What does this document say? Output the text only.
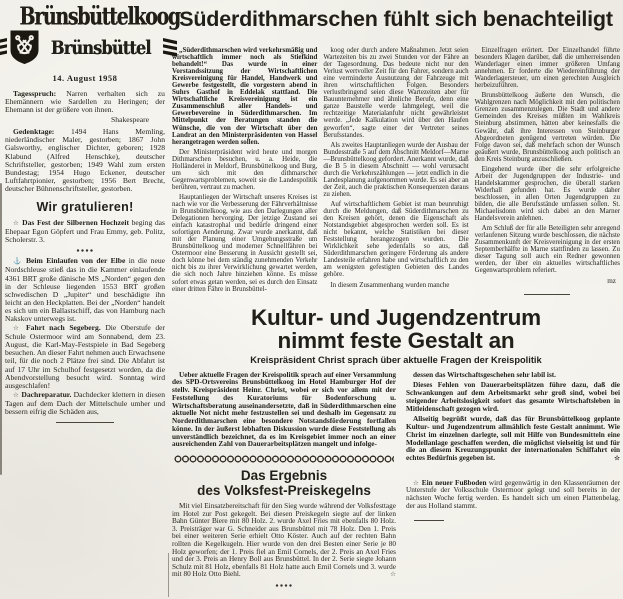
Brünsbüttelkoog
Brünsbüttel
14. August 1958

Tagesspruch: Narren verhalten sich zu Ehemännern wie Sardellen zu Heringen; der Ehemann ist der größere von ihnen.

Shakespeare

Gedenktage: 1494 Hans Memling, niederländischer Maler, gestorben; 1867 John Galsworthy, englischer Dichter, geboren; 1928 Klabund (Alfred Henschke), deutscher Schriftsteller, gestorben; 1949 Wahl zum ersten Bundestag; 1954 Hugo Eckener, deutscher Luftfahrtpionier, gestorben; 1956 Bert Brecht, deutscher Bühnenschriftsteller, gestorben.

Wir gratulieren!

☆ Das Fest der Silbernen Hochzeit beging das Ehepaar Egon Göpfert und Frau Emmy, geb. Politz, Scholerstr. 3.

⚓ Beim Einlaufen von der Elbe in die neue Nordschleuse stieß das in die Kammer einlaufende 4361 BRT große dänische MS „Norden“ gegen den in der Schleuse liegenden 1553 BRT großen schwedischen D „Jupiter“ und beschädigte ihn leicht an den Heckplatten. Bei der „Norden“ handelt es sich um ein Ballastschiff, das von Hamburg nach Nakskov unterwegs ist.

☆ Fahrt nach Segeberg. Die Oberstufe der Schule Ostermoor wird am Sonnabend, dem 23. August, die Karl-May-Festspiele in Bad Segeberg besuchen. An dieser Fahrt nehmen auch Erwachsene teil, für die noch 2 Plätze frei sind. Die Abfahrt ist auf 17 Uhr im Schulhof festgesetzt worden, da die Abendvorstellung besucht wird. Sonntag wird ausgeschlafen!

☆ Dachreparatur. Dachdecker klettern in diesen Tagen auf dem Dach der Mittelschule umher und bessern eifrig die Schäden aus,

Süderdithmarschen fühlt sich benachteiligt

„Süderdithmarschen wird verkehrsmäßig und wirtschaftlich immer noch als Stiefkind behandelt!“ Das wurde in einer Vorstandssitzung der Wirtschaftlichen Kreisvereinigung für Handel, Handwerk und Gewerbe festgestellt, die vorgestern abend in Suhrs Gasthof in Eddelak stattfand. Die Wirtschaftliche Kreisvereinigung ist ein Zusammenschluß aller Handels- und Gewerbevereine in Süderdithmarschen. Im Mittelpunkt der Beratungen standen die Wünsche, die von der Wirtschaft über den Landrat an den Ministerpräsidenten von Hassel herangetragen werden sollen.

Der Ministerpräsident wird heute und morgen Dithmarschen besuchen, u. a. Heide, die Holländerei in Meldorf, Brunsbüttelkoog und Burg, um sich mit den dithmarscher Gegenwartsproblemen, soweit sie die Landespolitik berühren, vertraut zu machen.

Hauptanliegen der Wirtschaft unseres Kreises ist nach wie vor die Verbesserung der Fährverhältnisse in Brunsbüttelkoog, wie aus den Darlegungen aller Delegationen hervorging. Der jetzige Zustand sei einfach katastrophal und bedürfe dringend einer sofortigen Aenderung. Zwar wurde anerkannt, daß mit der Planung einer Umgehungsstraße um Brunsbüttelkoog und moderner Schnellfähren bei Ostermoor eine Besserung in Aussicht gestellt sei, doch könne bei dem ständig zunehmenden Verkehr nicht bis zu ihrer Verwirklichung gewartet werden, die sich noch Jahre hinziehen könne. Es müsse sofort etwas getan werden, sei es durch den Einsatz einer dritten Fähre in Brunsbüttel-

koog oder durch andere Maßnahmen. Jetzt seien Wartezeiten bis zu zwei Stunden vor der Fähre an der Tagesordnung. Das bedeute nicht nur den Verlust wertvoller Zeit für den Fahrer, sondern auch eine verminderte Ausnutzung der Fahrzeuge mit ihren wirtschaftlichen Folgen. Besonders verlustbringend seien diese Wartezeiten aber für Bauunternehmer und ähnliche Berufe, denn eine ganze Baustelle werde lahmgelegt, weil die rechtzeitige Materialanfuhr nicht gewährleistet werde. „Jede Kalkulation wird über den Haufen geworfen“, sagte einer der Vertreter seines Berufsstandes.

Als zweites Hauptanliegen wurde der Ausbau der Bundesstraße 5 auf dem Abschnitt Meldorf—Marne—Brunsbüttelkoog gefordert. Anerkannt wurde, daß die B 5 in diesem Abschnitt — wohl verursacht durch die Verkehrszählungen — jetzt endlich in die Landesplanung aufgenommen wurde. Es sei aber an der Zeit, auch die praktischen Konsequenzen daraus zu ziehen.

Auf wirtschaftlichem Gebiet ist man beunruhigt durch die Meldungen, daß Süderdithmarschen zu den Kreisen gehört, denen die Eigenschaft als Notstandsgebiet abgesprochen werden soll. Es ist nicht bekannt, welche Statistiken bei dieser Feststellung herangezogen wurden. Die Wirklichkeit sehe jedenfalls so aus, daß Süderdithmarschen geringere Förderung als andere Landesteile erfahren habe und wirtschaftlich zu den am wenigsten gefestigten Gebieten des Landes gehöre.

In diesem Zusammenhang wurden manche

Einzelfragen erörtert. Der Einzelhandel führte besonders Klagen darüber, daß die umherreisenden Wanderlager einen immer größeren Umfang annehmen. Er forderte die Wiedereinführung der Wanderlagersteuer, um einen gerechten Ausgleich herbeizuführen.

Brunsbüttelkoog äußerte den Wunsch, die Wahlgrenzen nach Möglichkeit mit den politischen Grenzen zusammenzulegen. Die Stadt und andere Gemeinden des Kreises müßten im Wahlkreis Steinburg abstimmen, hätten aber keinesfalls die Gewähr, daß ihre Interessen von Steinburger Abgeordneten genügend vertreten würden. Die Folge davon sei, daß mehrfach schon der Wunsch geäußert wurde, Brunsbüttelkoog auch politisch an den Kreis Steinburg anzuschließen.

Eingehend wurde über die sehr erfolgreiche Arbeit der Jugendgruppen der Industrie- und Handelskammer gesprochen, die überall starken Widerhall gefunden hat. Es wurde daher beschlossen, in allen Orten Jugendgruppen zu bilden, die alle Berufsstände umfassen sollen. St. Michaelisdonn wird sich dabei an den Marner Handelsverein anlehnen.

Am Schluß der für alle Beteiligten sehr anregend verlaufenen Sitzung wurde beschlossen, die nächste Zusammenkunft der Kreisvereinigung in der ersten Septemberhälfte in Marne stattfinden zu lassen. Zu dieser Tagung soll auch ein Redner gewonnen werden, der über ein aktuelles wirtschaftliches Gegenwartsproblem referiert.

mz
Kultur- und Jugendzentrum
nimmt feste Gestalt an
Kreispräsident Christ sprach über aktuelle Fragen der Kreispolitik

Ueber aktuelle Fragen der Kreispolitik sprach auf einer Versammlung des SPD-Ortsvereins Brunsbüttelkoog im Hotel Hamburger Hof der stellv. Kreispräsident Heinr. Christ, wobei er sich vor allem mit der Feststellung des Kuratoriums für Bodenforschung u. Wirtschaftsberatung auseinandersetzte, daß in Süderdithmarschen eine aktuelle Not nicht mehr festzustellen sei und deshalb im Gegensatz zu Norderdithmarschen eine besondere Notstandsförderung fortfallen könne. In der äußerst lebhaften Diskussion wurde diese Feststellung als unverständlich bezeichnet, da es im Kreisgebiet immer noch an einer ausreichenden Zahl von Dauerarbeitsplätzen mangelt und infolge-

Das Ergebnis
des Volksfest-Preiskegelns

Mit viel Einsatzbereitschaft für den Sieg wurde während der Volksfesttage im Hotel zur Post gekegelt. Bei diesen Preiskegeln siegte auf der linken Bahn Günter Biere mit 80 Holz. 2. wurde Axel Fries mit ebenfalls 80 Holz. 3. Preisträger war G. Schneider aus Brunsbüttel mit 78 Holz. Den 1. Preis bei einer weiteren Serie erhielt Otto Köster. Auch auf der rechten Bahn rollten die Kegelkugeln. Hier wurde von den drei Besten einer Serie je 80 Holz geworfen; der 1. Preis fiel an Emil Cornels, der 2. Preis an Axel Fries und der 3. Preis an Henry Boll aus Brunsbüttel. In der 2. Serie siegte Johann Schulz mit 81 Holz, ebenfalls 81 Holz hatte auch Emil Cornels und 3. wurde mit 80 Holz Otto Biehl.	☆

dessen das Wirtschaftsgeschehen sehr labil ist.

Dieses Fehlen von Dauerarbeitsplätzen führe dazu, daß die Schwankungen auf dem Arbeitsmarkt sehr groß sind, wobei bei steigender Arbeitslosigkeit sofort das gesamte Wirtschaftsleben in Mitleidenschaft gezogen wird.

Allseitig begrüßt wurde, daß das für Brunsbüttelkoog geplante Kultur- und Jugendzentrum allmählich feste Gestalt annimmt. Wie Christ im einzelnen darlegte, soll mit Hilfe von Bundesmitteln eine Modellanlage geschaffen werden, die möglichst vielseitig ist und für die an diesem Kreuzungspunkt der internationalen Schiffahrt ein echtes Bedürfnis gegeben ist.	☆

☆ Ein neuer Fußboden wird gegenwärtig in den Klassenräumen der Unterstufe der Volksschule Ostermoor gelegt und soll bereits in der nächsten Woche fertig werden. Es handelt sich um einen Plattenbelag, der aus Holland stammt.
